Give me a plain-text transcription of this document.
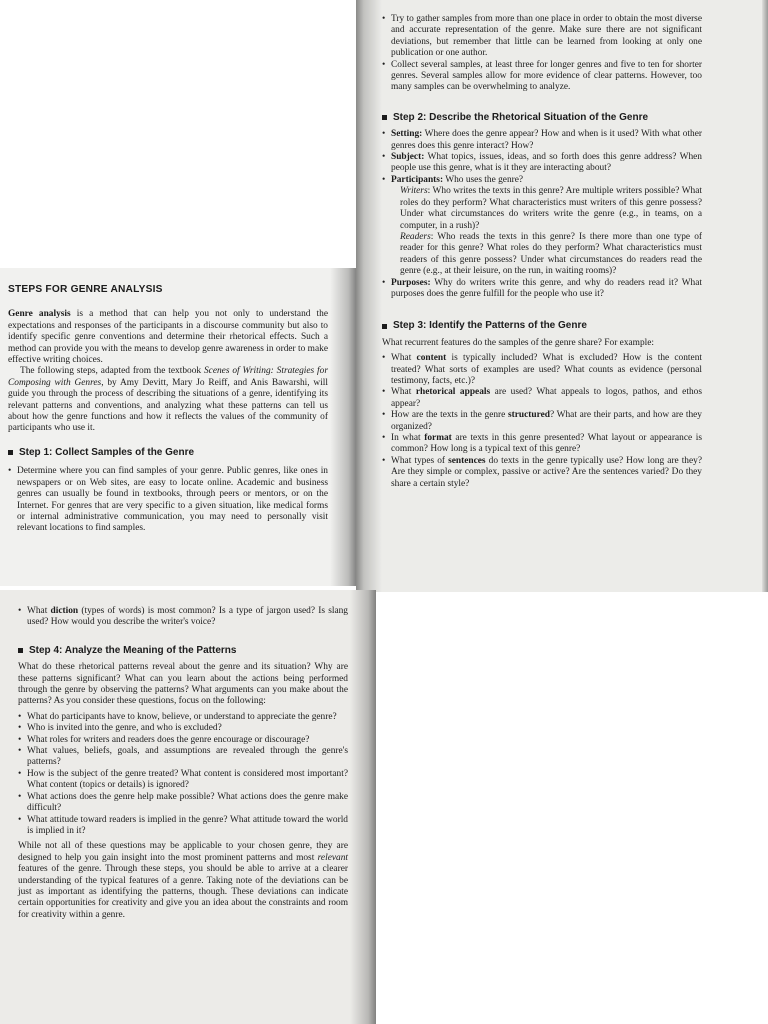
STEPS FOR GENRE ANALYSIS

Genre analysis is a method that can help you not only to understand the expectations and responses of the participants in a discourse community but also to identify specific genre conventions and determine their rhetorical effects. Such a method can provide you with the means to develop genre awareness in order to make effective writing choices.

The following steps, adapted from the textbook Scenes of Writing: Strategies for Composing with Genres, by Amy Devitt, Mary Jo Reiff, and Anis Bawarshi, will guide you through the process of describing the situations of a genre, identifying its relevant patterns and conventions, and analyzing what these patterns can tell us about how the genre functions and how it reflects the values of the community of participants who use it.

Step 1: Collect Samples of the Genre
• Determine where you can find samples of your genre. Public genres, like ones in newspapers or on Web sites, are easy to locate online. Academic and business genres can usually be found in textbooks, through peers or mentors, or on the Internet. For genres that are very specific to a given situation, like medical forms or internal administrative communication, you may need to personally visit relevant locations to find samples.
• Try to gather samples from more than one place in order to obtain the most diverse and accurate representation of the genre. Make sure there are not significant deviations, but remember that little can be learned from looking at only one publication or one author.
• Collect several samples, at least three for longer genres and five to ten for shorter genres. Several samples allow for more evidence of clear patterns. However, too many samples can be overwhelming to analyze.
Step 2: Describe the Rhetorical Situation of the Genre
• Setting: Where does the genre appear? How and when is it used? With what other genres does this genre interact? How?
• Subject: What topics, issues, ideas, and so forth does this genre address? When people use this genre, what is it they are interacting about?
• Participants: Who uses the genre?

Writers: Who writes the texts in this genre? Are multiple writers possible? What roles do they perform? What characteristics must writers of this genre possess? Under what circumstances do writers write the genre (e.g., in teams, on a computer, in a rush)?

Readers: Who reads the texts in this genre? Is there more than one type of reader for this genre? What roles do they perform? What characteristics must readers of this genre possess? Under what circumstances do readers read the genre (e.g., at their leisure, on the run, in waiting rooms)?

• Purposes: Why do writers write this genre, and why do readers read it? What purposes does the genre fulfill for the people who use it?
Step 3: Identify the Patterns of the Genre

What recurrent features do the samples of the genre share? For example:

• What content is typically included? What is excluded? How is the content treated? What sorts of examples are used? What counts as evidence (personal testimony, facts, etc.)?
• What rhetorical appeals are used? What appeals to logos, pathos, and ethos appear?
• How are the texts in the genre structured? What are their parts, and how are they organized?
• In what format are texts in this genre presented? What layout or appearance is common? How long is a typical text of this genre?
• What types of sentences do texts in the genre typically use? How long are they? Are they simple or complex, passive or active? Are the sentences varied? Do they share a certain style?
• What diction (types of words) is most common? Is a type of jargon used? Is slang used? How would you describe the writer's voice?
Step 4: Analyze the Meaning of the Patterns

What do these rhetorical patterns reveal about the genre and its situation? Why are these patterns significant? What can you learn about the actions being performed through the genre by observing the patterns? What arguments can you make about the patterns? As you consider these questions, focus on the following:

• What do participants have to know, believe, or understand to appreciate the genre?
• Who is invited into the genre, and who is excluded?
• What roles for writers and readers does the genre encourage or discourage?
• What values, beliefs, goals, and assumptions are revealed through the genre's patterns?
• How is the subject of the genre treated? What content is considered most important? What content (topics or details) is ignored?
• What actions does the genre help make possible? What actions does the genre make difficult?
• What attitude toward readers is implied in the genre? What attitude toward the world is implied in it?

While not all of these questions may be applicable to your chosen genre, they are designed to help you gain insight into the most prominent patterns and most relevant features of the genre. Through these steps, you should be able to arrive at a clearer understanding of the typical features of a genre. Taking note of the deviations can be just as important as identifying the patterns, though. These deviations can indicate certain opportunities for creativity and give you an idea about the constraints and room for creativity within a genre.
